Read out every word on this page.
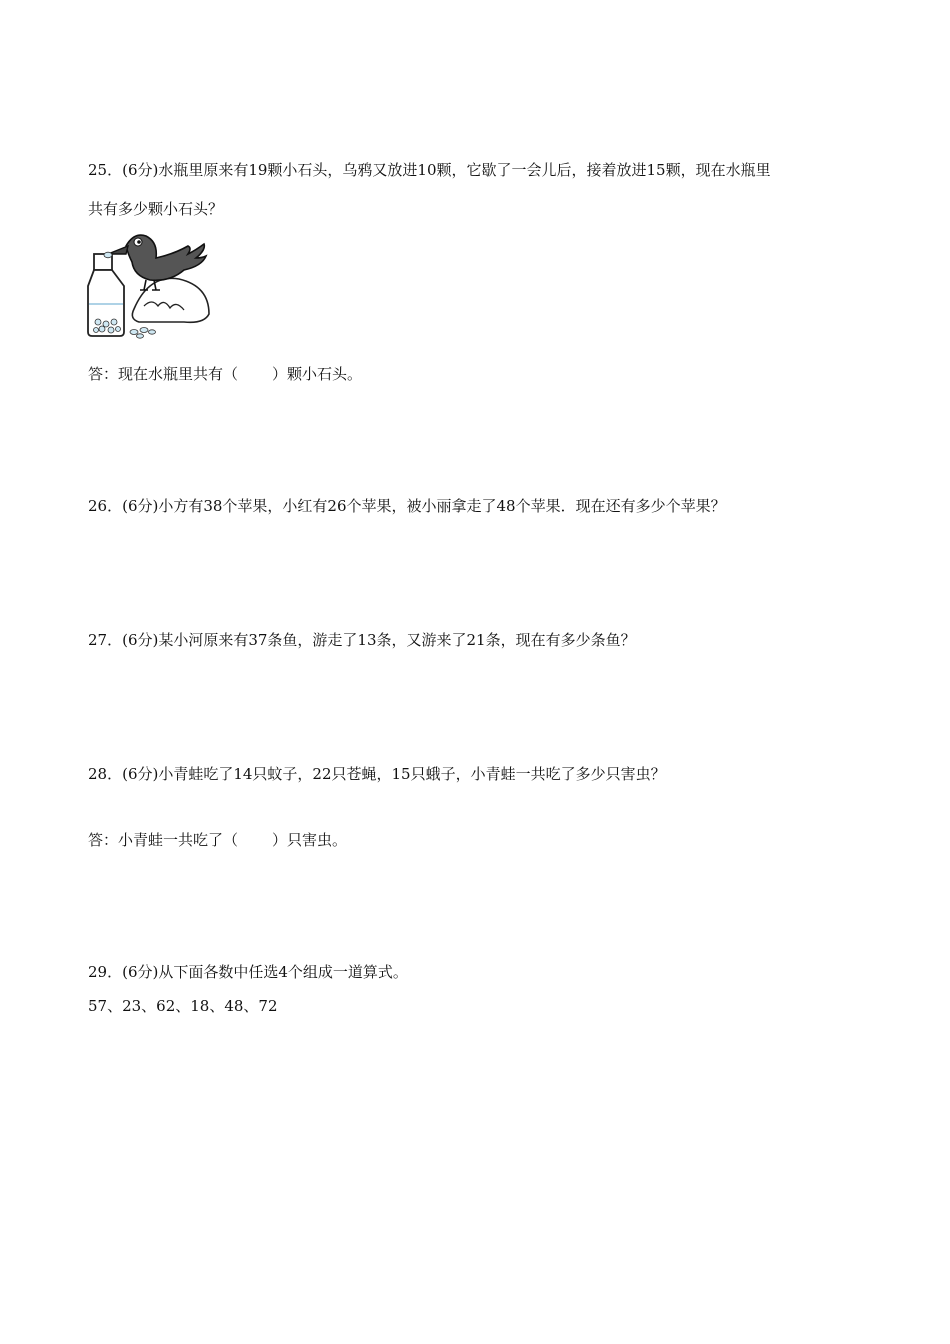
25．(6分)水瓶里原来有19颗小石头，乌鸦又放进10颗，它歇了一会儿后，接着放进15颗，现在水瓶里
共有多少颗小石头？
答：现在水瓶里共有（ ）颗小石头。
26．(6分)小方有38个苹果，小红有26个苹果，被小丽拿走了48个苹果．现在还有多少个苹果？
27．(6分)某小河原来有37条鱼，游走了13条，又游来了21条，现在有多少条鱼？
28．(6分)小青蛙吃了14只蚊子，22只苍蝇，15只蛾子，小青蛙一共吃了多少只害虫？
答：小青蛙一共吃了（ ）只害虫。
29．(6分)从下面各数中任选4个组成一道算式。
57、23、62、18、48、72
